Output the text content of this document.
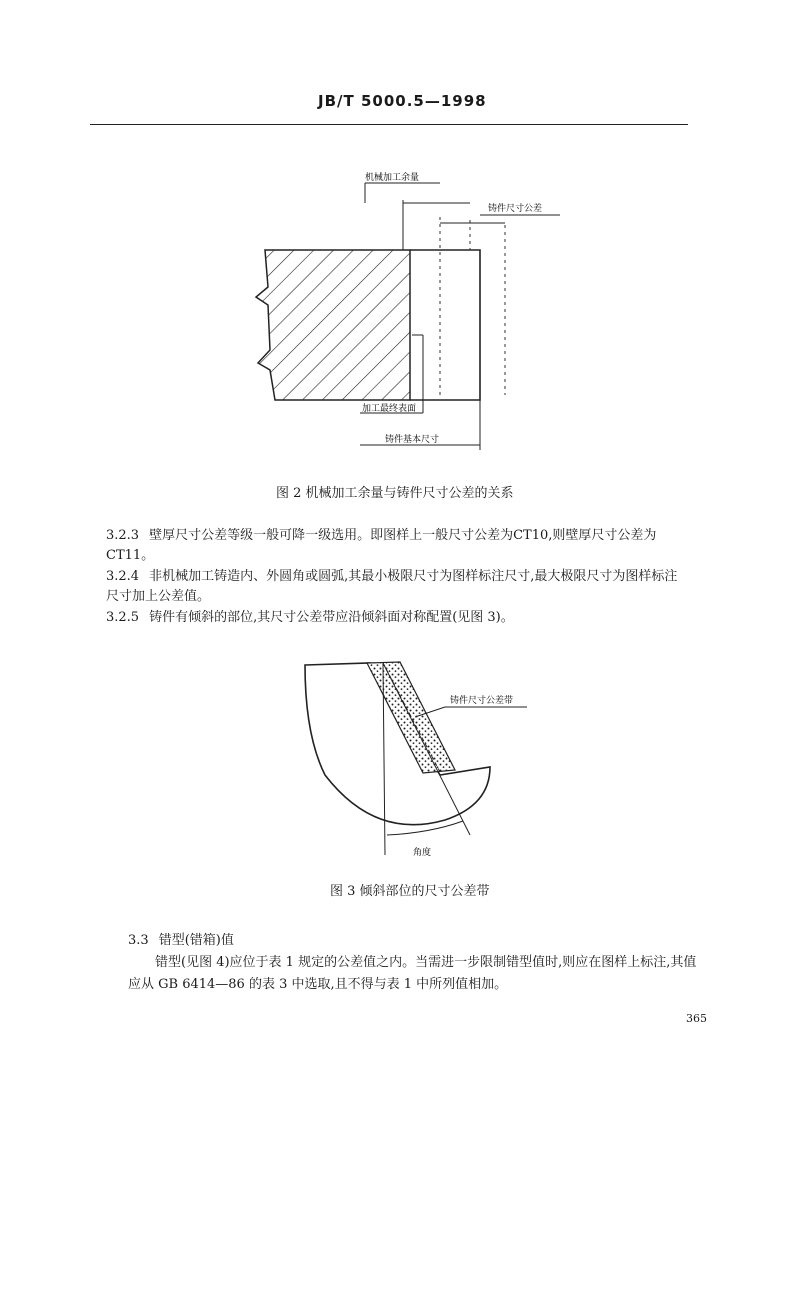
JB/T 5000.5—1998
机械加工余量
铸件尺寸公差
加工最终表面
铸件基本尺寸
图 2 机械加工余量与铸件尺寸公差的关系
3.2.3 壁厚尺寸公差等级一般可降一级选用。即图样上一般尺寸公差为CT10,则壁厚尺寸公差为
CT11。
3.2.4 非机械加工铸造内、外圆角或圆弧,其最小极限尺寸为图样标注尺寸,最大极限尺寸为图样标注
尺寸加上公差值。
3.2.5 铸件有倾斜的部位,其尺寸公差带应沿倾斜面对称配置(见图 3)。
铸件尺寸公差带
角度
图 3 倾斜部位的尺寸公差带
3.3 错型(错箱)值
错型(见图 4)应位于表 1 规定的公差值之内。当需进一步限制错型值时,则应在图样上标注,其值
应从 GB 6414—86 的表 3 中选取,且不得与表 1 中所列值相加。
365
